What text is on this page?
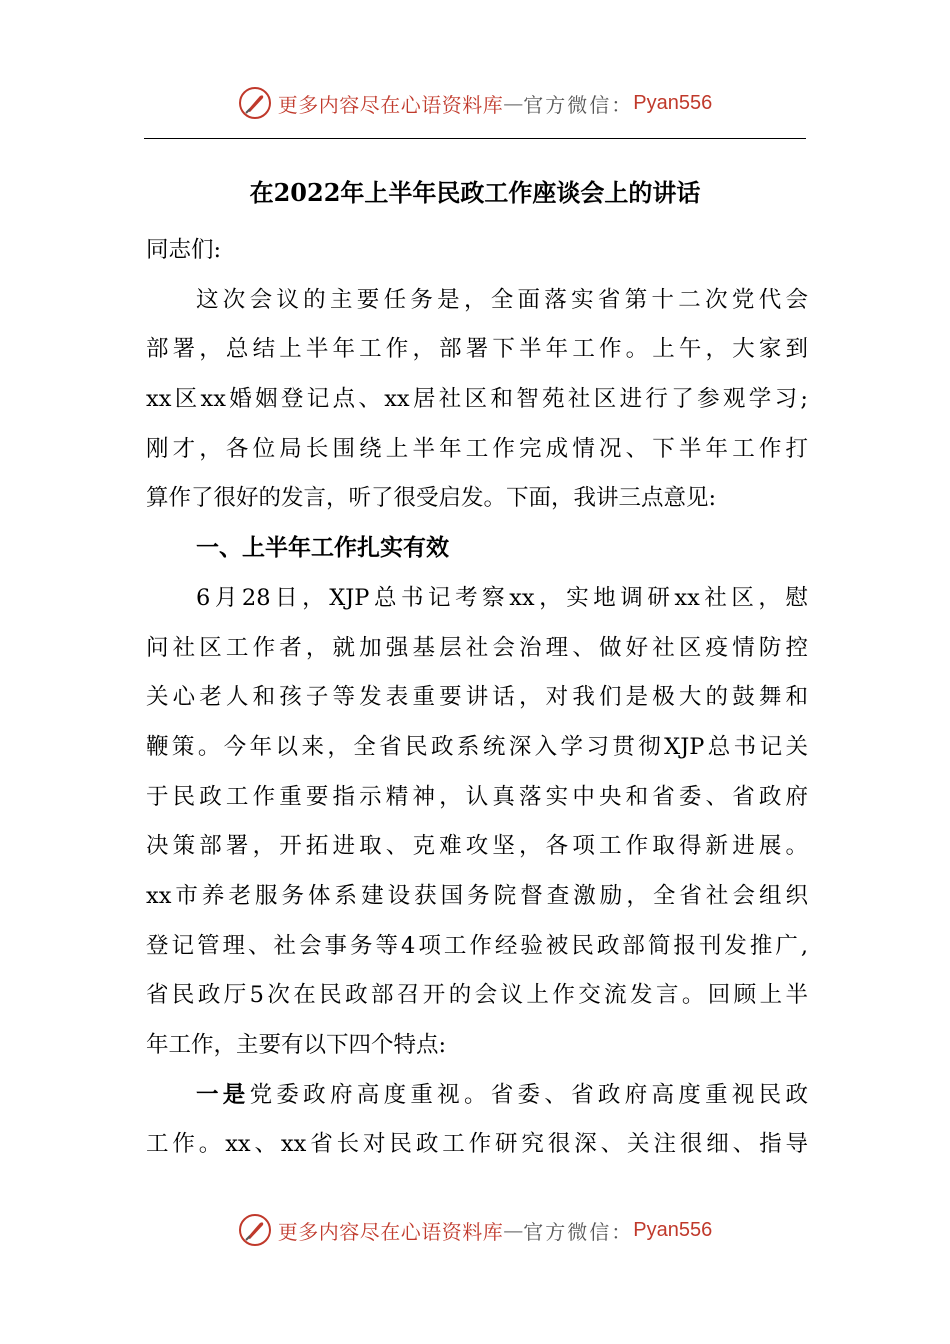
更多内容尽在心语资料库 — 官方微信： Pyan556
在2022年上半年民政工作座谈会上的讲话
同志们:
这次会议的主要任务是，全面落实省第十二次党代会
部署，总结上半年工作，部署下半年工作。上午，大家到
xx区xx婚姻登记点、xx居社区和智苑社区进行了参观学习;
刚才，各位局长围绕上半年工作完成情况、下半年工作打
算作了很好的发言，听了很受启发。下面，我讲三点意见:
一、上半年工作扎实有效
6月28日，XJP总书记考察xx，实地调研xx社区，慰
问社区工作者，就加强基层社会治理、做好社区疫情防控
关心老人和孩子等发表重要讲话，对我们是极大的鼓舞和
鞭策。今年以来，全省民政系统深入学习贯彻XJP总书记关
于民政工作重要指示精神，认真落实中央和省委、省政府
决策部署，开拓进取、克难攻坚，各项工作取得新进展。
xx市养老服务体系建设获国务院督查激励，全省社会组织
登记管理、社会事务等4项工作经验被民政部简报刊发推广,
省民政厅5次在民政部召开的会议上作交流发言。回顾上半
年工作，主要有以下四个特点:
一是党委政府高度重视。省委、省政府高度重视民政
工作。xx、xx省长对民政工作研究很深、关注很细、指导
更多内容尽在心语资料库 — 官方微信： Pyan556
